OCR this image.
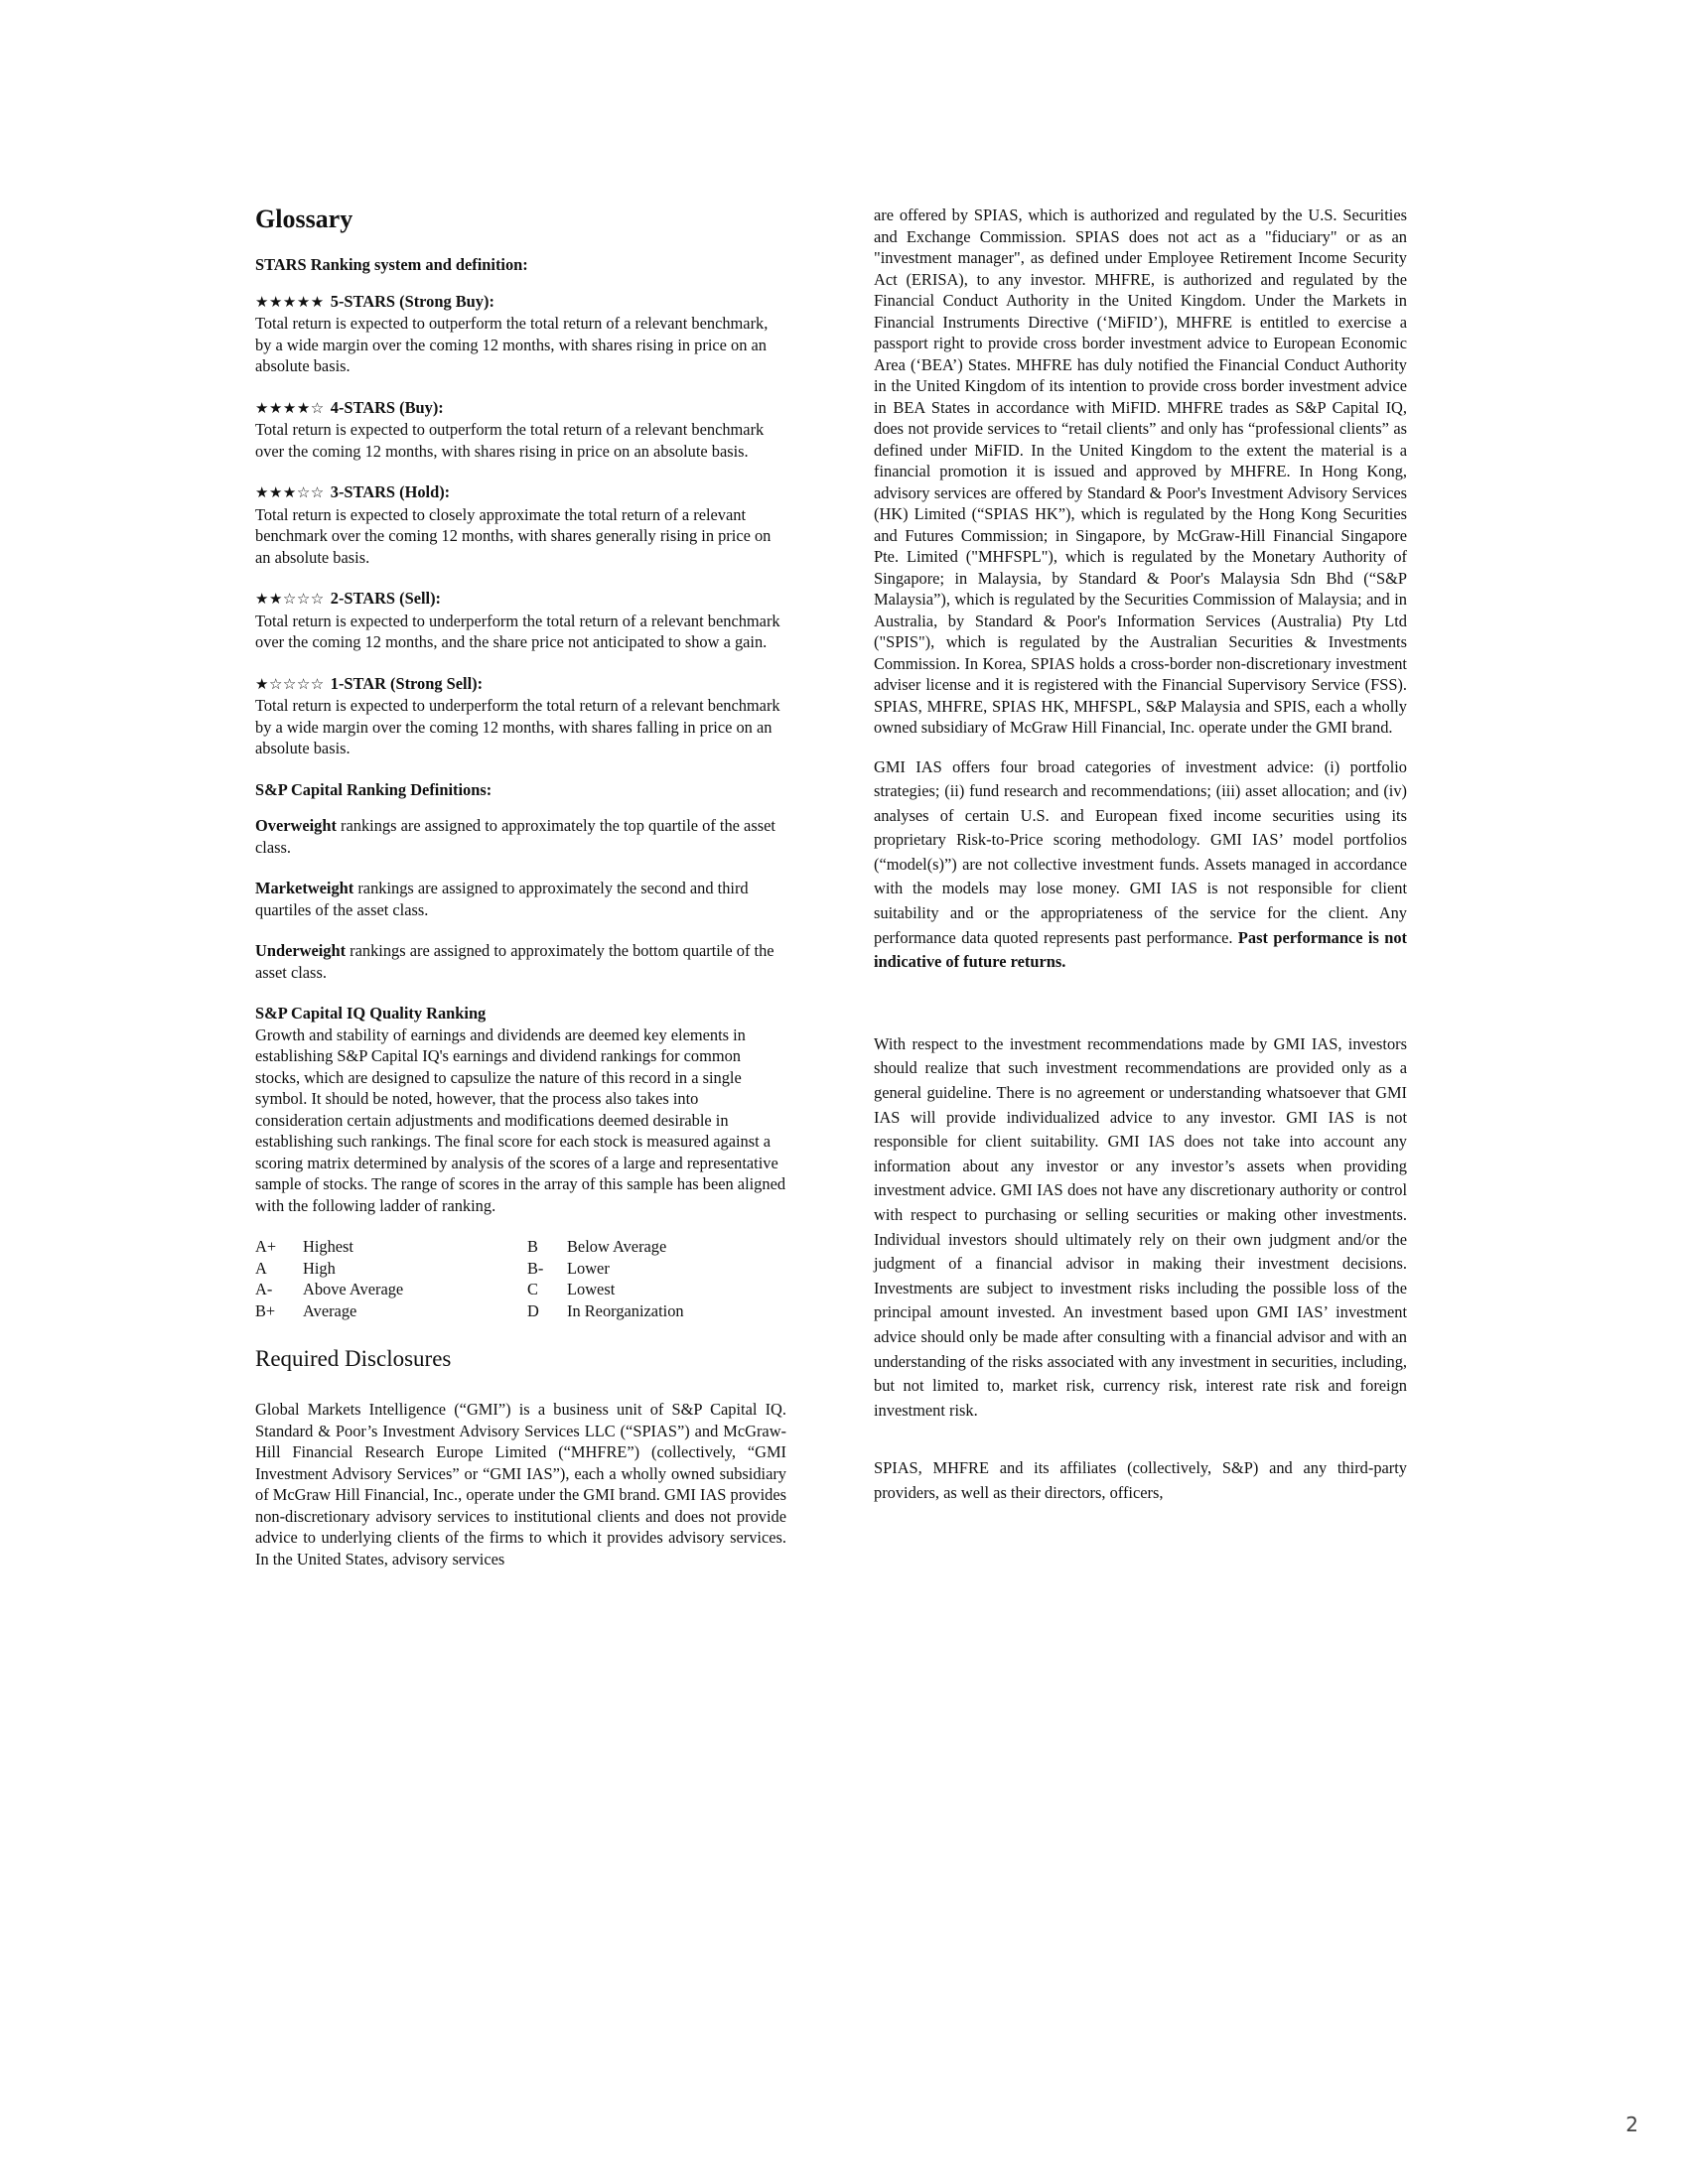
Glossary
STARS Ranking system and definition:
★★★★★ 5-STARS (Strong Buy):
Total return is expected to outperform the total return of a relevant benchmark, by a wide margin over the coming 12 months, with shares rising in price on an absolute basis.
★★★★☆ 4-STARS (Buy):
Total return is expected to outperform the total return of a relevant benchmark over the coming 12 months, with shares rising in price on an absolute basis.
★★★☆☆ 3-STARS (Hold):
Total return is expected to closely approximate the total return of a relevant benchmark over the coming 12 months, with shares generally rising in price on an absolute basis.
★★☆☆☆ 2-STARS (Sell):
Total return is expected to underperform the total return of a relevant benchmark over the coming 12 months, and the share price not anticipated to show a gain.
★☆☆☆☆ 1-STAR (Strong Sell):
Total return is expected to underperform the total return of a relevant benchmark by a wide margin over the coming 12 months, with shares falling in price on an absolute basis.
S&P Capital Ranking Definitions:

Overweight rankings are assigned to approximately the top quartile of the asset class.

Marketweight rankings are assigned to approximately the second and third quartiles of the asset class.

Underweight rankings are assigned to approximately the bottom quartile of the asset class.

S&P Capital IQ Quality Ranking

Growth and stability of earnings and dividends are deemed key elements in establishing S&P Capital IQ's earnings and dividend rankings for common stocks, which are designed to capsulize the nature of this record in a single symbol. It should be noted, however, that the process also takes into consideration certain adjustments and modifications deemed desirable in establishing such rankings. The final score for each stock is measured against a scoring matrix determined by analysis of the scores of a large and representative sample of stocks. The range of scores in the array of this sample has been aligned with the following ladder of ranking.

A+	Highest	B	Below Average
A	High	B-	Lower
A-	Above Average	C	Lowest
B+	Average	D	In Reorganization
Required Disclosures

Global Markets Intelligence (“GMI”) is a business unit of S&P Capital IQ. Standard & Poor’s Investment Advisory Services LLC (“SPIAS”) and McGraw-Hill Financial Research Europe Limited (“MHFRE”) (collectively, “GMI Investment Advisory Services” or “GMI IAS”), each a wholly owned subsidiary of McGraw Hill Financial, Inc., operate under the GMI brand. GMI IAS provides non-discretionary advisory services to institutional clients and does not provide advice to underlying clients of the firms to which it provides advisory services. In the United States, advisory services

are offered by SPIAS, which is authorized and regulated by the U.S. Securities and Exchange Commission. SPIAS does not act as a "fiduciary" or as an "investment manager", as defined under Employee Retirement Income Security Act (ERISA), to any investor. MHFRE, is authorized and regulated by the Financial Conduct Authority in the United Kingdom. Under the Markets in Financial Instruments Directive (‘MiFID’), MHFRE is entitled to exercise a passport right to provide cross border investment advice to European Economic Area (‘BEA’) States. MHFRE has duly notified the Financial Conduct Authority in the United Kingdom of its intention to provide cross border investment advice in BEA States in accordance with MiFID. MHFRE trades as S&P Capital IQ, does not provide services to “retail clients” and only has “professional clients” as defined under MiFID. In the United Kingdom to the extent the material is a financial promotion it is issued and approved by MHFRE. In Hong Kong, advisory services are offered by Standard & Poor's Investment Advisory Services (HK) Limited (“SPIAS HK”), which is regulated by the Hong Kong Securities and Futures Commission; in Singapore, by McGraw-Hill Financial Singapore Pte. Limited ("MHFSPL"), which is regulated by the Monetary Authority of Singapore; in Malaysia, by Standard & Poor's Malaysia Sdn Bhd (“S&P Malaysia”), which is regulated by the Securities Commission of Malaysia; and in Australia, by Standard & Poor's Information Services (Australia) Pty Ltd ("SPIS"), which is regulated by the Australian Securities & Investments Commission. In Korea, SPIAS holds a cross-border non-discretionary investment adviser license and it is registered with the Financial Supervisory Service (FSS). SPIAS, MHFRE, SPIAS HK, MHFSPL, S&P Malaysia and SPIS, each a wholly owned subsidiary of McGraw Hill Financial, Inc. operate under the GMI brand.

GMI IAS offers four broad categories of investment advice: (i) portfolio strategies; (ii) fund research and recommendations; (iii) asset allocation; and (iv) analyses of certain U.S. and European fixed income securities using its proprietary Risk-to-Price scoring methodology. GMI IAS’ model portfolios (“model(s)”) are not collective investment funds. Assets managed in accordance with the models may lose money. GMI IAS is not responsible for client suitability and or the appropriateness of the service for the client. Any performance data quoted represents past performance. Past performance is not indicative of future returns.

With respect to the investment recommendations made by GMI IAS, investors should realize that such investment recommendations are provided only as a general guideline. There is no agreement or understanding whatsoever that GMI IAS will provide individualized advice to any investor. GMI IAS is not responsible for client suitability. GMI IAS does not take into account any information about any investor or any investor’s assets when providing investment advice. GMI IAS does not have any discretionary authority or control with respect to purchasing or selling securities or making other investments. Individual investors should ultimately rely on their own judgment and/or the judgment of a financial advisor in making their investment decisions. Investments are subject to investment risks including the possible loss of the principal amount invested. An investment based upon GMI IAS’ investment advice should only be made after consulting with a financial advisor and with an understanding of the risks associated with any investment in securities, including, but not limited to, market risk, currency risk, interest rate risk and foreign investment risk.

SPIAS, MHFRE and its affiliates (collectively, S&P) and any third-party providers, as well as their directors, officers,

2
